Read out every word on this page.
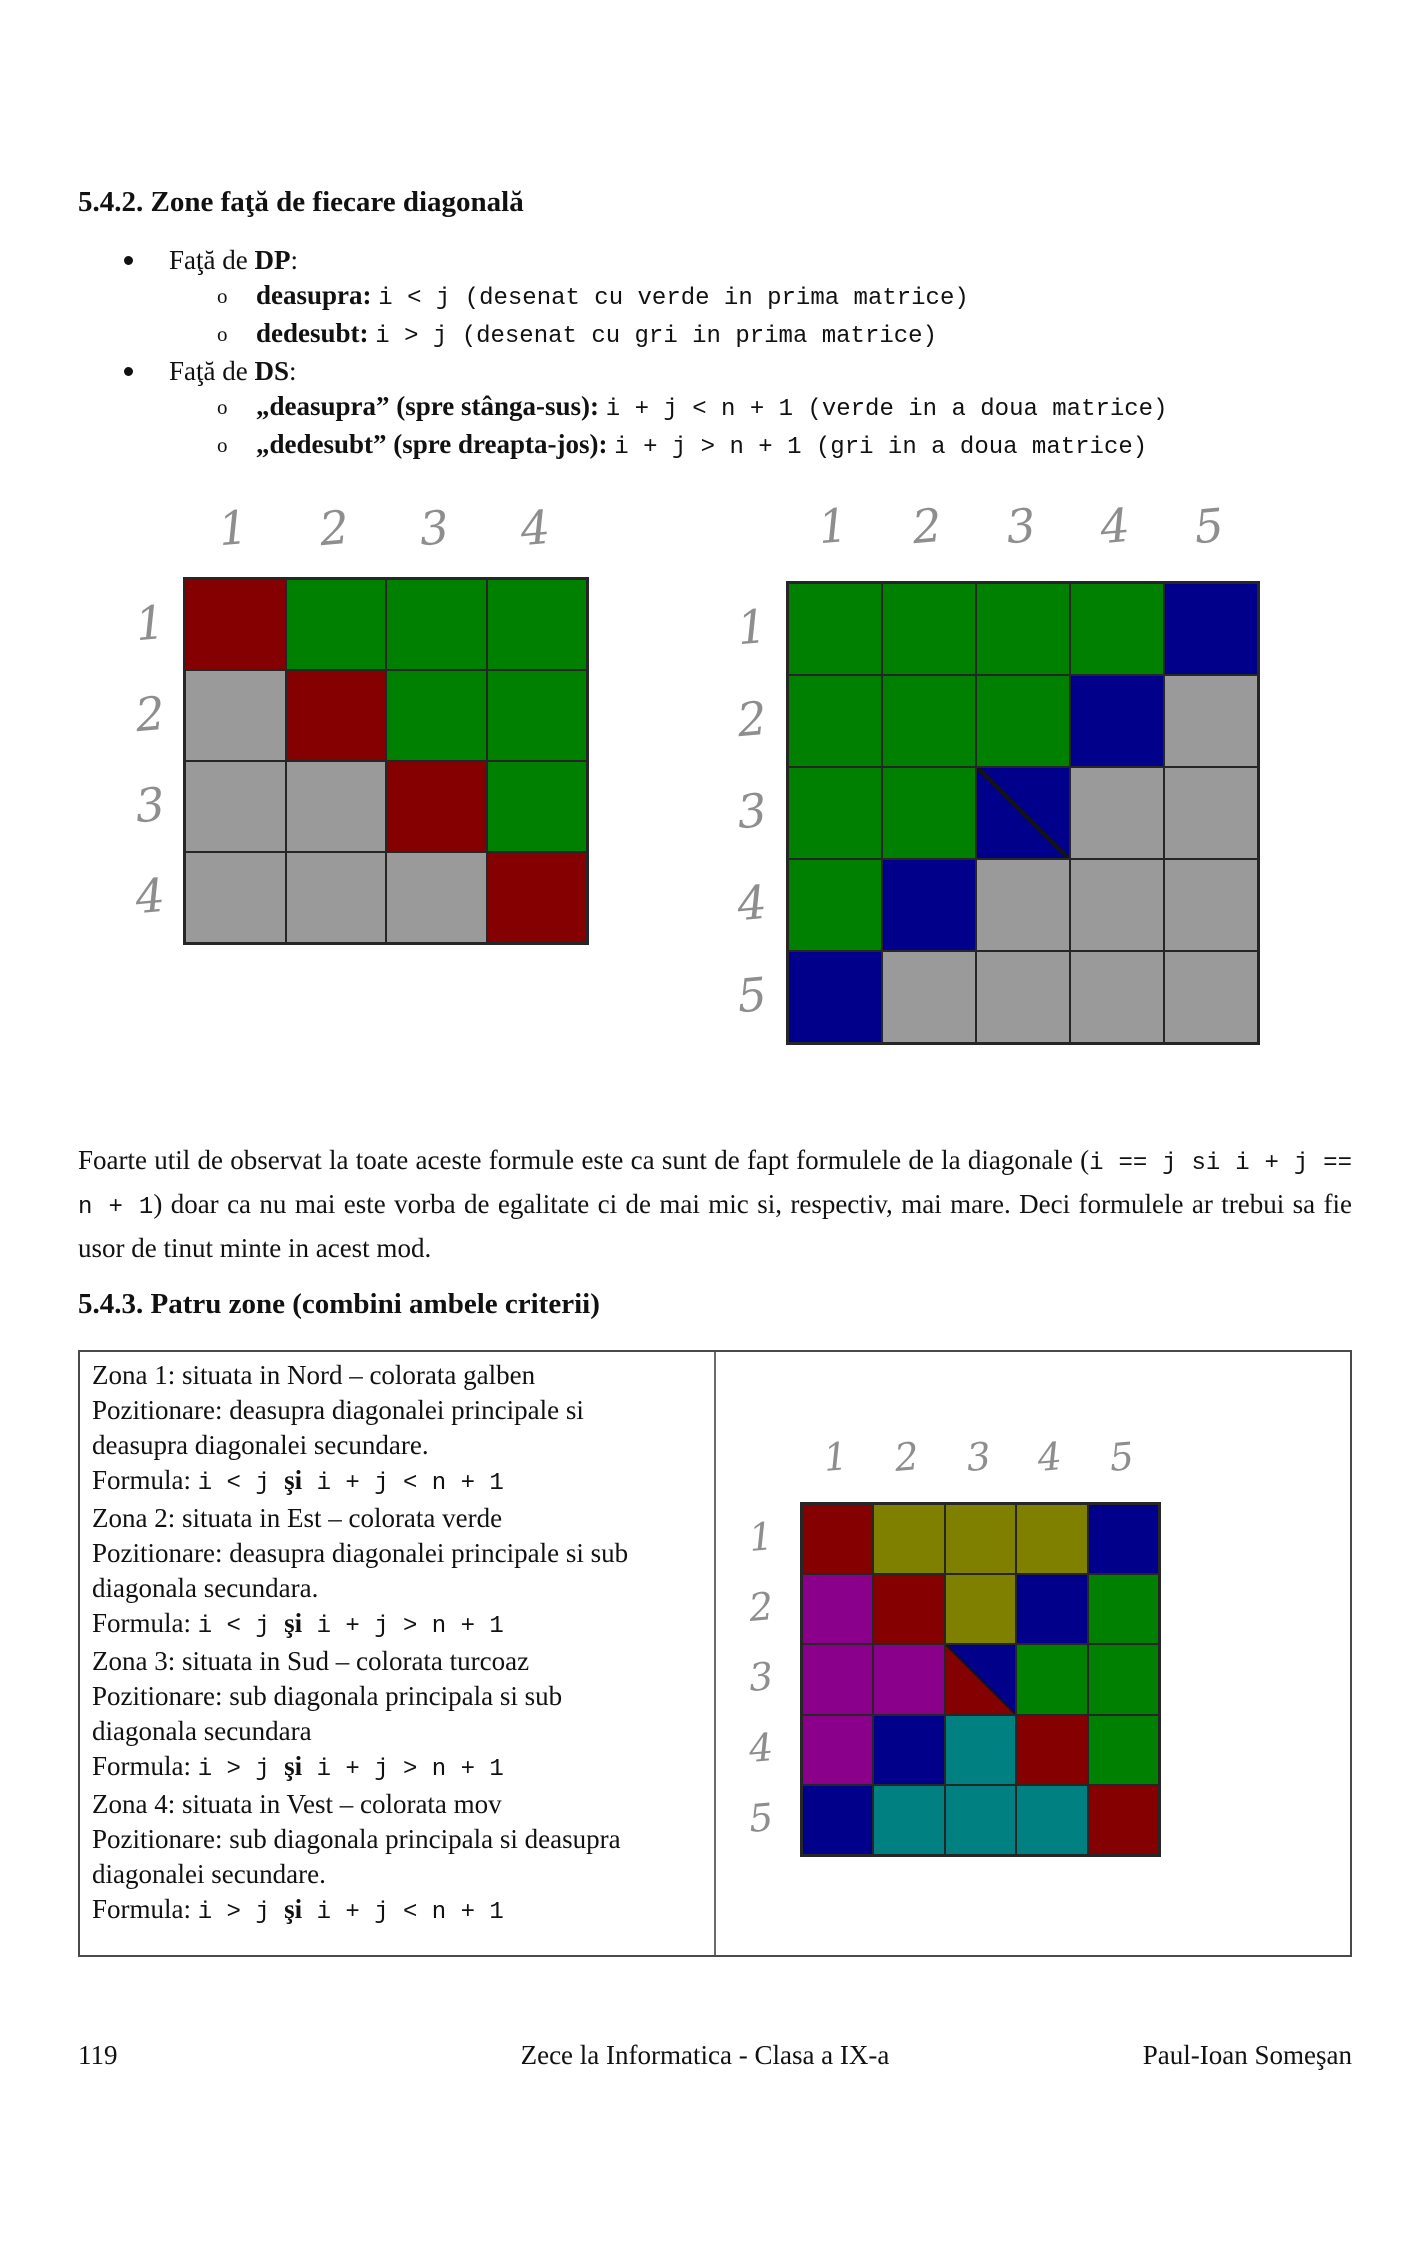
5.4.2. Zone faţă de fiecare diagonală
Faţă de DP:
o deasupra: i < j (desenat cu verde in prima matrice)
o dedesubt: i > j (desenat cu gri in prima matrice)
Faţă de DS:
o „deasupra” (spre stânga-sus): i + j < n + 1 (verde in a doua matrice)
o „dedesubt” (spre dreapta-jos): i + j > n + 1 (gri in a doua matrice)
1	2	3	4
1
2
3
4
1	2	3	4	5
1
2
3
4
5
Foarte util de observat la toate aceste formule este ca sunt de fapt formulele de la diagonale (i == j si i + j == n + 1) doar ca nu mai este vorba de egalitate ci de mai mic si, respectiv, mai mare. Deci formulele ar trebui sa fie usor de tinut minte in acest mod.
5.4.3. Patru zone (combini ambele criterii)
Zona 1: situata in Nord – colorata galben
Pozitionare: deasupra diagonalei principale si
deasupra diagonalei secundare.
Formula: i < j şi i + j < n + 1
Zona 2: situata in Est – colorata verde
Pozitionare: deasupra diagonalei principale si sub
diagonala secundara.
Formula: i < j şi i + j > n + 1
Zona 3: situata in Sud – colorata turcoaz
Pozitionare: sub diagonala principala si sub
diagonala secundara
Formula: i > j şi i + j > n + 1
Zona 4: situata in Vest – colorata mov
Pozitionare: sub diagonala principala si deasupra
diagonalei secundare.
Formula: i > j şi i + j < n + 1
1	2	3	4	5
1
2
3
4
5
119	Zece la Informatica - Clasa a IX-a	Paul-Ioan Someşan
